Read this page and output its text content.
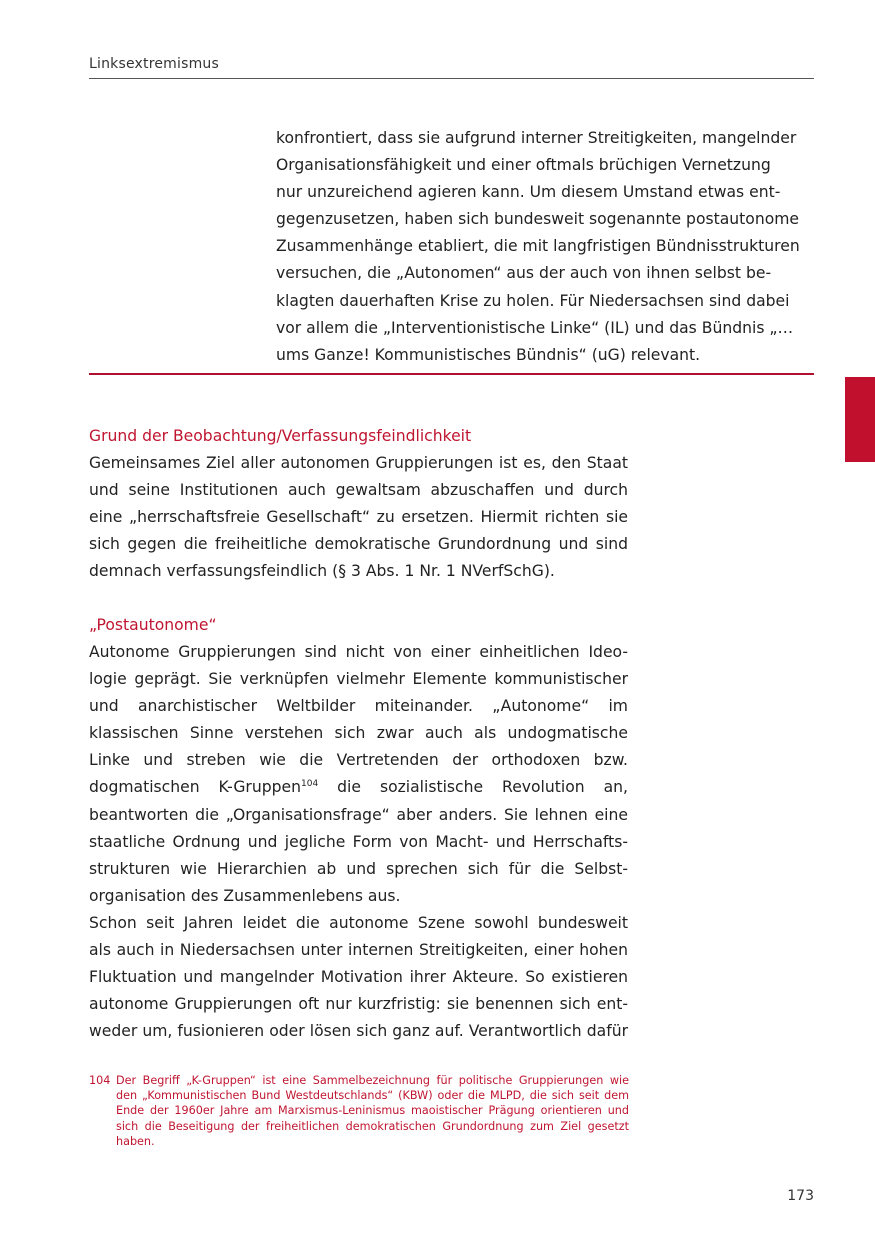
Linksextremismus
konfrontiert, dass sie aufgrund interner Streitigkeiten, mangelnder
Organisationsfähigkeit und einer oftmals brüchigen Vernetzung
nur unzureichend agieren kann. Um diesem Umstand etwas ent-
gegenzusetzen, haben sich bundesweit sogenannte postautonome
Zusammenhänge etabliert, die mit langfristigen Bündnisstrukturen
versuchen, die „Autonomen“ aus der auch von ihnen selbst be-
klagten dauerhaften Krise zu holen. Für Niedersachsen sind dabei
vor allem die „Interventionistische Linke“ (IL) und das Bündnis „…
ums Ganze! Kommunistisches Bündnis“ (uG) relevant.
Grund der Beobachtung/Verfassungsfeindlichkeit
Gemeinsames Ziel aller autonomen Gruppierungen ist es, den Staat
und seine Institutionen auch gewaltsam abzuschaffen und durch
eine „herrschaftsfreie Gesellschaft“ zu ersetzen. Hiermit richten sie
sich gegen die freiheitliche demokratische Grundordnung und sind
demnach verfassungsfeindlich (§ 3 Abs. 1 Nr. 1 NVerfSchG).
„Postautonome“
Autonome Gruppierungen sind nicht von einer einheitlichen Ideo-
logie geprägt. Sie verknüpfen vielmehr Elemente kommunistischer
und anarchistischer Weltbilder miteinander. „Autonome“ im
klassischen Sinne verstehen sich zwar auch als undogmatische
Linke und streben wie die Vertretenden der orthodoxen bzw.
dogmatischen K-Gruppen$^{104}$ die sozialistische Revolution an,
beantworten die „Organisationsfrage“ aber anders. Sie lehnen eine
staatliche Ordnung und jegliche Form von Macht- und Herrschafts-
strukturen wie Hierarchien ab und sprechen sich für die Selbst-
organisation des Zusammenlebens aus.
Schon seit Jahren leidet die autonome Szene sowohl bundesweit
als auch in Niedersachsen unter internen Streitigkeiten, einer hohen
Fluktuation und mangelnder Motivation ihrer Akteure. So existieren
autonome Gruppierungen oft nur kurzfristig: sie benennen sich ent-
weder um, fusionieren oder lösen sich ganz auf. Verantwortlich dafür
104 Der Begriff „K-Gruppen“ ist eine Sammelbezeichnung für politische Gruppierungen wie
den „Kommunistischen Bund Westdeutschlands“ (KBW) oder die MLPD, die sich seit dem
Ende der 1960er Jahre am Marxismus-Leninismus maoistischer Prägung orientieren und
sich die Beseitigung der freiheitlichen demokratischen Grundordnung zum Ziel gesetzt
haben.
173
